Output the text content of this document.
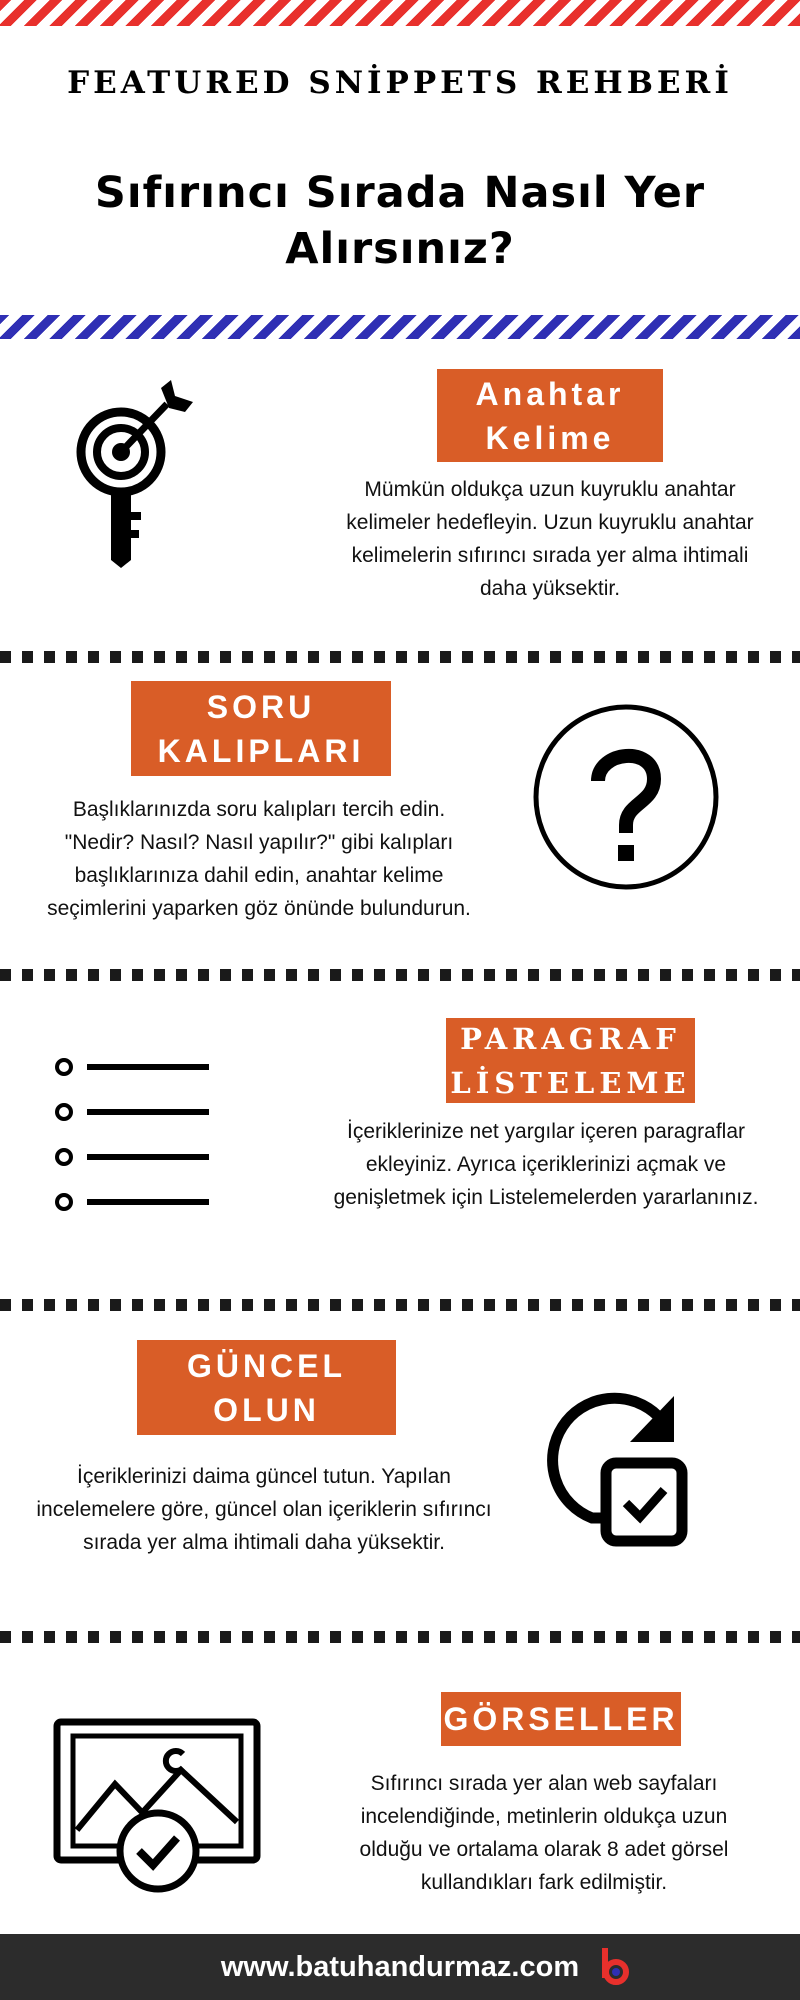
FEATURED SNİPPETS REHBERİ
Sıfırıncı Sırada Nasıl Yer Alırsınız?
Anahtar Kelime
Mümkün oldukça uzun kuyruklu anahtar kelimeler hedefleyin. Uzun kuyruklu anahtar kelimelerin sıfırıncı sırada yer alma ihtimali daha yüksektir.
SORU KALIPLARI
Başlıklarınızda soru kalıpları tercih edin. "Nedir? Nasıl? Nasıl yapılır?" gibi kalıpları başlıklarınıza dahil edin, anahtar kelime seçimlerini yaparken göz önünde bulundurun.
PARAGRAF LİSTELEME
İçeriklerinize net yargılar içeren paragraflar ekleyiniz. Ayrıca içeriklerinizi açmak ve genişletmek için Listelemelerden yararlanınız.
GÜNCEL OLUN
İçeriklerinizi daima güncel tutun. Yapılan incelemelere göre, güncel olan içeriklerin sıfırıncı sırada yer alma ihtimali daha yüksektir.
GÖRSELLER
Sıfırıncı sırada yer alan web sayfaları incelendiğinde, metinlerin oldukça uzun olduğu ve ortalama olarak 8 adet görsel kullandıkları fark edilmiştir.
www.batuhandurmaz.com
